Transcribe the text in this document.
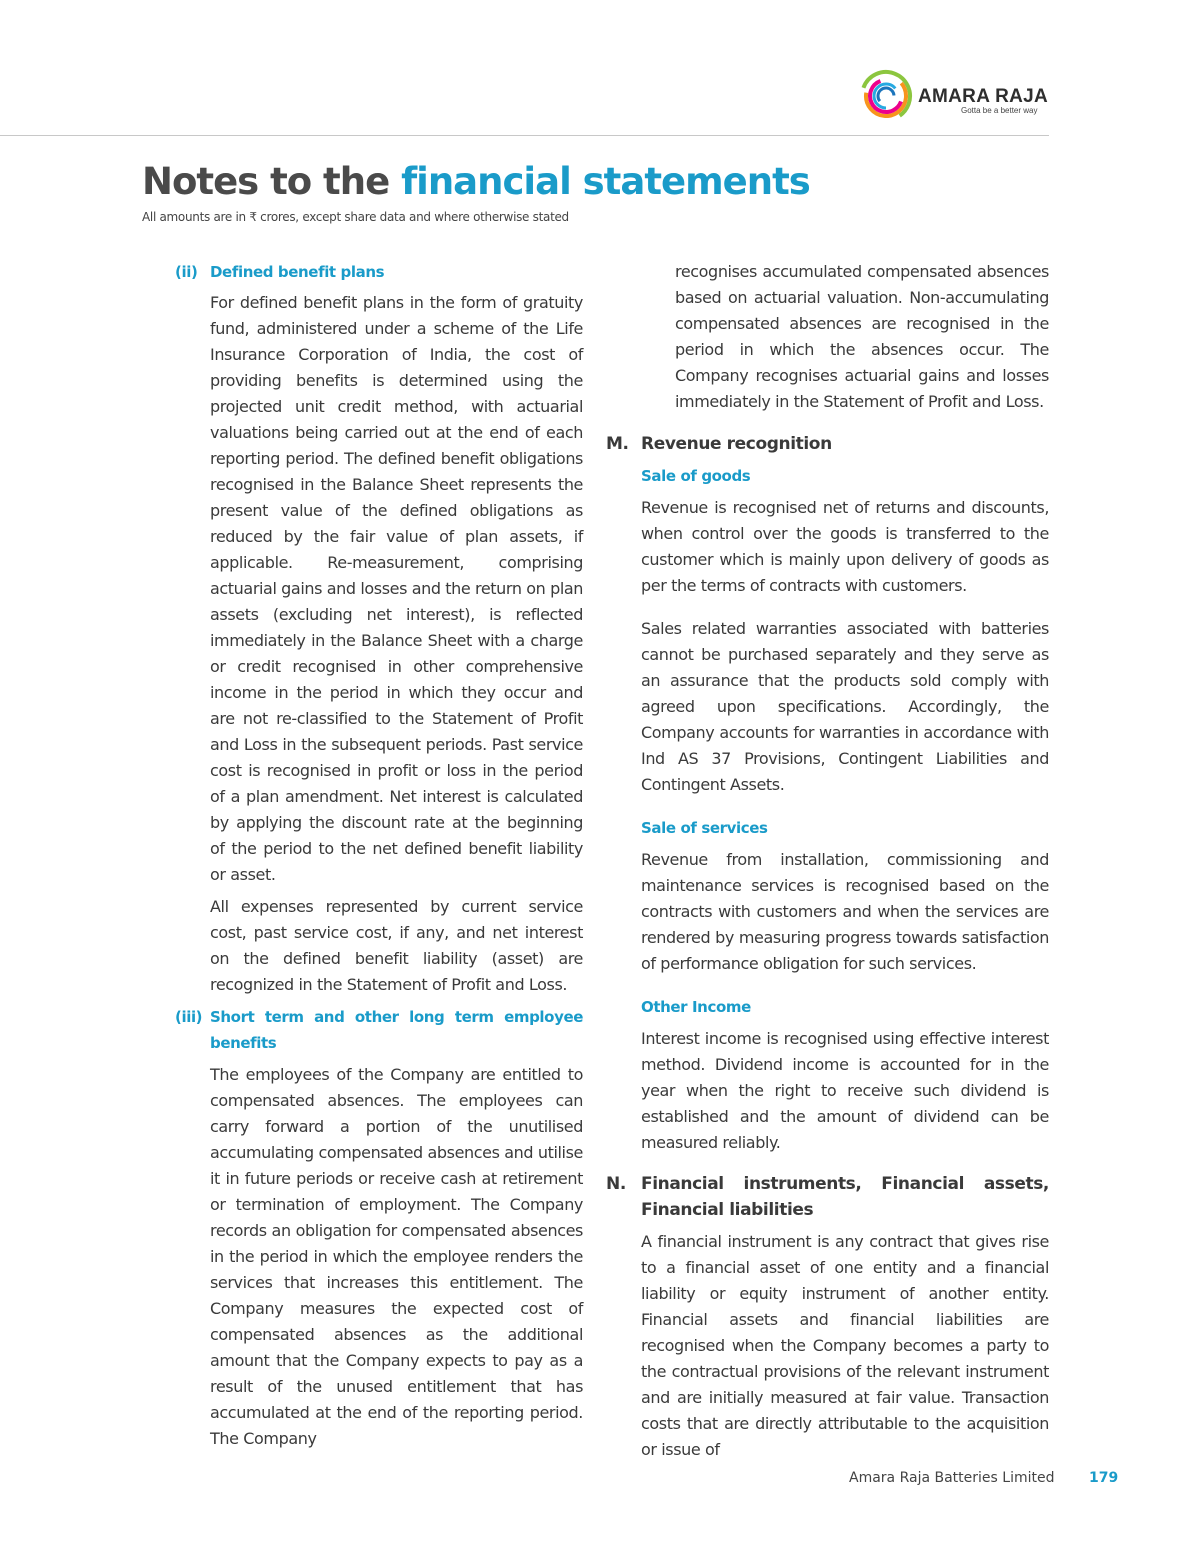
AMARA RAJA
Gotta be a better way
Notes to the financial statements
All amounts are in ₹ crores, except share data and where otherwise stated
(ii) Defined benefit plans

For defined benefit plans in the form of gratuity fund, administered under a scheme of the Life Insurance Corporation of India, the cost of providing benefits is determined using the projected unit credit method, with actuarial valuations being carried out at the end of each reporting period. The defined benefit obligations recognised in the Balance Sheet represents the present value of the defined obligations as reduced by the fair value of plan assets, if applicable. Re-measurement, comprising actuarial gains and losses and the return on plan assets (excluding net interest), is reflected immediately in the Balance Sheet with a charge or credit recognised in other comprehensive income in the period in which they occur and are not re-classified to the Statement of Profit and Loss in the subsequent periods. Past service cost is recognised in profit or loss in the period of a plan amendment. Net interest is calculated by applying the discount rate at the beginning of the period to the net defined benefit liability or asset.

All expenses represented by current service cost, past service cost, if any, and net interest on the defined benefit liability (asset) are recognized in the Statement of Profit and Loss.

(iii) Short term and other long term employee benefits

The employees of the Company are entitled to compensated absences. The employees can carry forward a portion of the unutilised accumulating compensated absences and utilise it in future periods or receive cash at retirement or termination of employment. The Company records an obligation for compensated absences in the period in which the employee renders the services that increases this entitlement. The Company measures the expected cost of compensated absences as the additional amount that the Company expects to pay as a result of the unused entitlement that has accumulated at the end of the reporting period. The Company

recognises accumulated compensated absences based on actuarial valuation. Non-accumulating compensated absences are recognised in the period in which the absences occur. The Company recognises actuarial gains and losses immediately in the Statement of Profit and Loss.

M. Revenue recognition
Sale of goods

Revenue is recognised net of returns and discounts, when control over the goods is transferred to the customer which is mainly upon delivery of goods as per the terms of contracts with customers.

Sales related warranties associated with batteries cannot be purchased separately and they serve as an assurance that the products sold comply with agreed upon specifications. Accordingly, the Company accounts for warranties in accordance with Ind AS 37 Provisions, Contingent Liabilities and Contingent Assets.

Sale of services

Revenue from installation, commissioning and maintenance services is recognised based on the contracts with customers and when the services are rendered by measuring progress towards satisfaction of performance obligation for such services.

Other Income

Interest income is recognised using effective interest method. Dividend income is accounted for in the year when the right to receive such dividend is established and the amount of dividend can be measured reliably.

N. Financial instruments, Financial assets, Financial liabilities

A financial instrument is any contract that gives rise to a financial asset of one entity and a financial liability or equity instrument of another entity. Financial assets and financial liabilities are recognised when the Company becomes a party to the contractual provisions of the relevant instrument and are initially measured at fair value. Transaction costs that are directly attributable to the acquisition or issue of

Amara Raja Batteries Limited 179
